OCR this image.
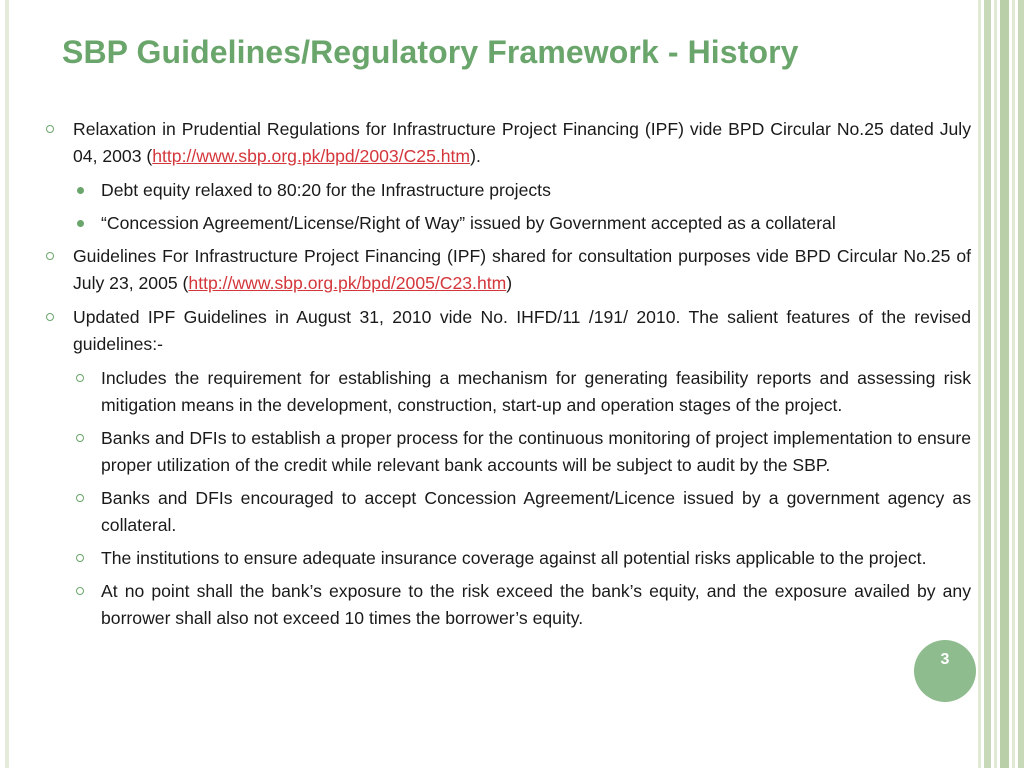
SBP Guidelines/Regulatory Framework - History
Relaxation in Prudential Regulations for Infrastructure Project Financing (IPF) vide BPD Circular No.25 dated July 04, 2003 (http://www.sbp.org.pk/bpd/2003/C25.htm).
Debt equity relaxed to 80:20 for the Infrastructure projects
“Concession Agreement/License/Right of Way” issued by Government accepted as a collateral
Guidelines For Infrastructure Project Financing (IPF) shared for consultation purposes vide BPD Circular No.25 of July 23, 2005 (http://www.sbp.org.pk/bpd/2005/C23.htm)
Updated IPF Guidelines in August 31, 2010 vide No. IHFD/11 /191/ 2010. The salient features of the revised guidelines:-
Includes the requirement for establishing a mechanism for generating feasibility reports and assessing risk mitigation means in the development, construction, start-up and operation stages of the project.
Banks and DFIs to establish a proper process for the continuous monitoring of project implementation to ensure proper utilization of the credit while relevant bank accounts will be subject to audit by the SBP.
Banks and DFIs encouraged to accept Concession Agreement/Licence issued by a government agency as collateral.
The institutions to ensure adequate insurance coverage against all potential risks applicable to the project.
At no point shall the bank’s exposure to the risk exceed the bank’s equity, and the exposure availed by any borrower shall also not exceed 10 times the borrower’s equity.
3
